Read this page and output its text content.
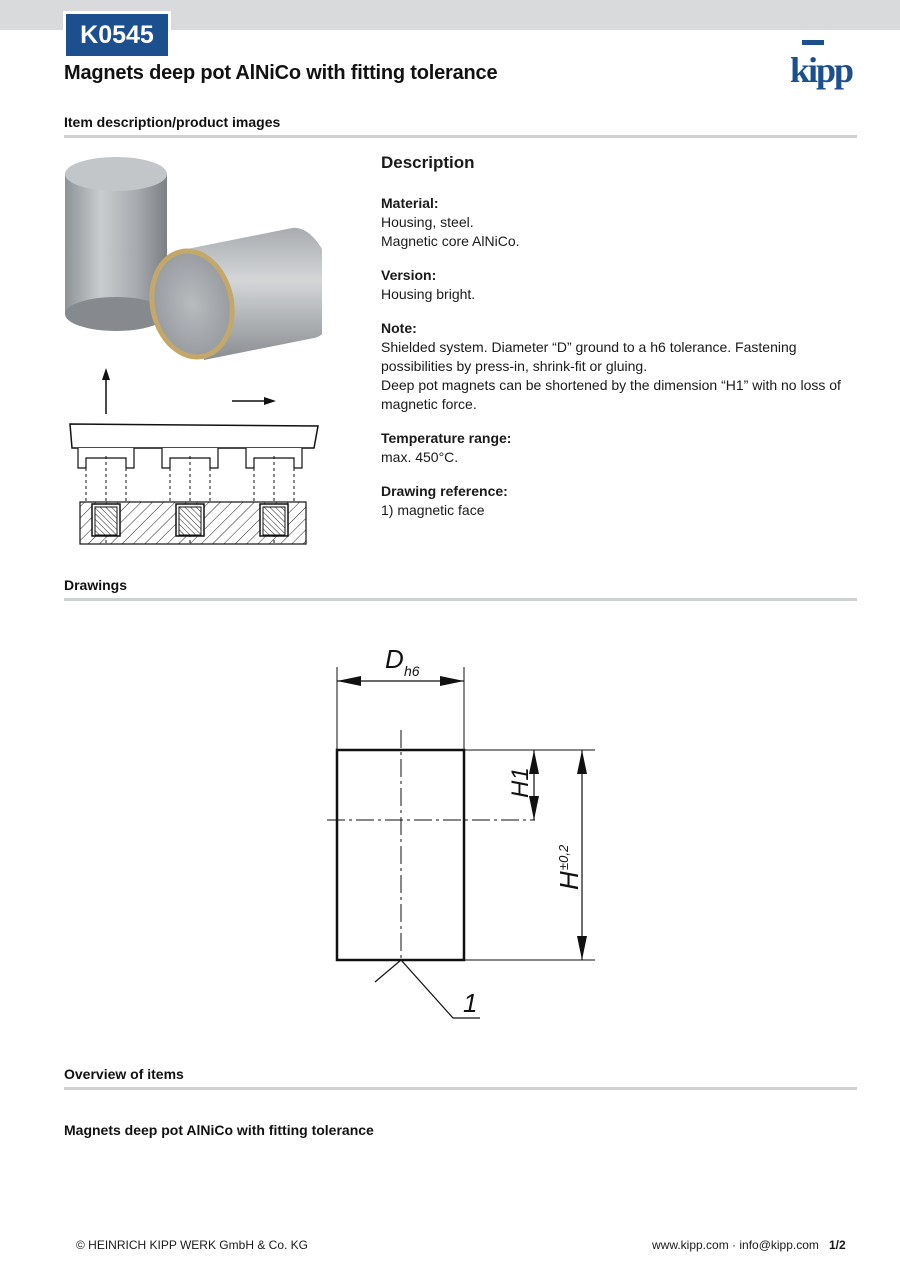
K0545
Magnets deep pot AlNiCo with fitting tolerance	kipp
Item description/product images
Description
Material:

Housing, steel.

Magnetic core AlNiCo.

Version:

Housing bright.

Note:

Shielded system. Diameter “D” ground to a h6 tolerance. Fastening possibilities by press-in, shrink-fit or gluing.

Deep pot magnets can be shortened by the dimension “H1” with no loss of magnetic force.

Temperature range:

max. 450°C.

Drawing reference:

1) magnetic face

Drawings
D h6
H1
H
±0,2
1
Overview of items
Magnets deep pot AlNiCo with fitting tolerance
© HEINRICH KIPP WERK GmbH & Co. KG	www.kipp.com · info@kipp.com 1/2
